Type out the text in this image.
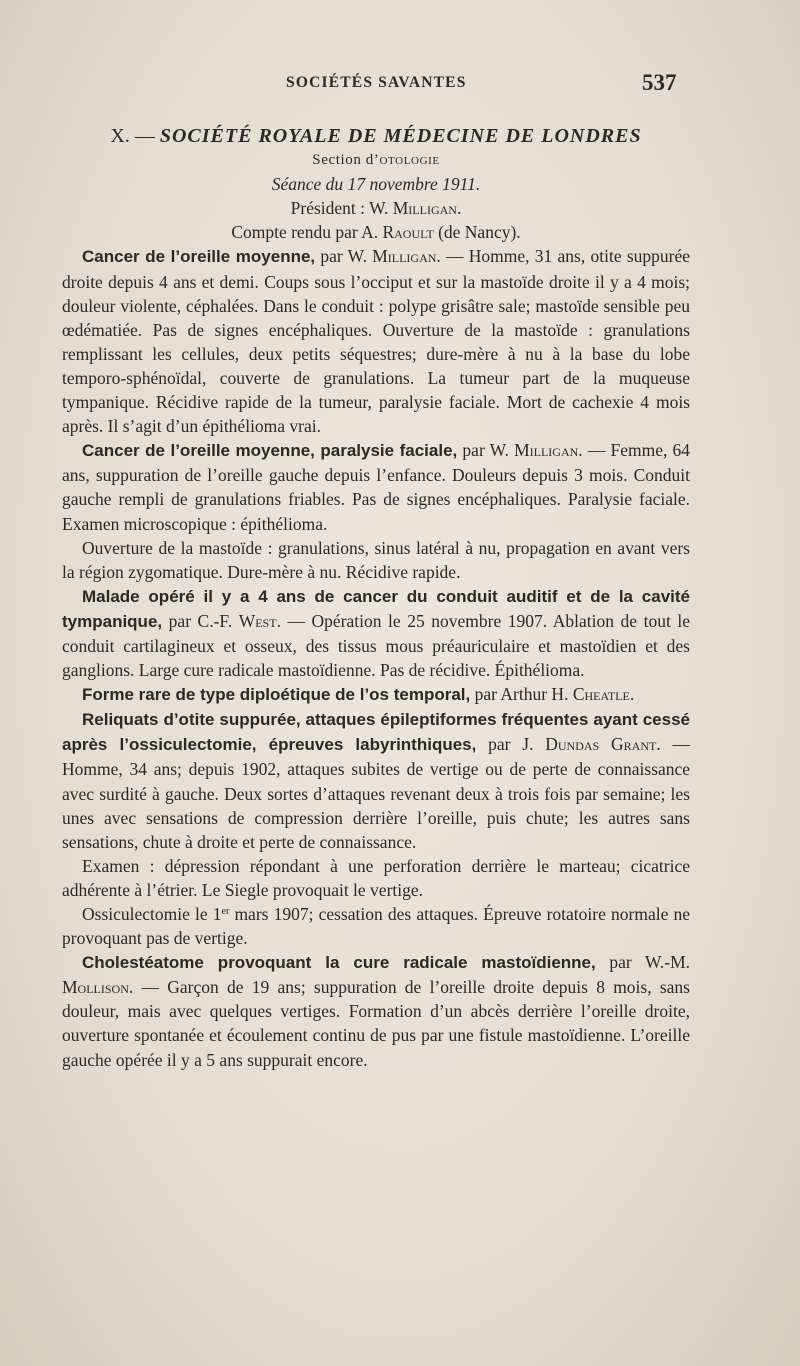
SOCIÉTÉS SAVANTES	537

X. — SOCIÉTÉ ROYALE DE MÉDECINE DE LONDRES

Section d’otologie

Séance du 17 novembre 1911.

Président : W. Milligan.

Compte rendu par A. Raoult (de Nancy).

Cancer de l’oreille moyenne, par W. Milligan. — Homme, 31 ans, otite suppurée droite depuis 4 ans et demi. Coups sous l’occiput et sur la mastoïde droite il y a 4 mois; douleur violente, céphalées. Dans le conduit : polype grisâtre sale; mastoïde sensible peu œdématiée. Pas de signes encéphaliques. Ouverture de la mastoïde : granulations remplissant les cellules, deux petits séquestres; dure-mère à nu à la base du lobe temporo-sphénoïdal, couverte de granulations. La tumeur part de la muqueuse tympanique. Récidive rapide de la tumeur, paralysie faciale. Mort de cachexie 4 mois après. Il s’agit d’un épithélioma vrai.

Cancer de l’oreille moyenne, paralysie faciale, par W. Milligan. — Femme, 64 ans, suppuration de l’oreille gauche depuis l’enfance. Douleurs depuis 3 mois. Conduit gauche rempli de granulations friables. Pas de signes encéphaliques. Paralysie faciale. Examen microscopique : épithélioma.

Ouverture de la mastoïde : granulations, sinus latéral à nu, propagation en avant vers la région zygomatique. Dure-mère à nu. Récidive rapide.

Malade opéré il y a 4 ans de cancer du conduit auditif et de la cavité tympanique, par C.-F. West. — Opération le 25 novembre 1907. Ablation de tout le conduit cartilagineux et osseux, des tissus mous préauriculaire et mastoïdien et des ganglions. Large cure radicale mastoïdienne. Pas de récidive. Épithélioma.

Forme rare de type diploétique de l’os temporal, par Arthur H. Cheatle.

Reliquats d’otite suppurée, attaques épileptiformes fréquentes ayant cessé après l’ossiculectomie, épreuves labyrinthiques, par J. Dundas Grant. — Homme, 34 ans; depuis 1902, attaques subites de vertige ou de perte de connaissance avec surdité à gauche. Deux sortes d’attaques revenant deux à trois fois par semaine; les unes avec sensations de compression derrière l’oreille, puis chute; les autres sans sensations, chute à droite et perte de connaissance.

Examen : dépression répondant à une perforation derrière le marteau; cicatrice adhérente à l’étrier. Le Siegle provoquait le vertige.

Ossiculectomie le 1er mars 1907; cessation des attaques. Épreuve rotatoire normale ne provoquant pas de vertige.

Cholestéatome provoquant la cure radicale mastoïdienne, par W.-M. Mollison. — Garçon de 19 ans; suppuration de l’oreille droite depuis 8 mois, sans douleur, mais avec quelques vertiges. Formation d’un abcès derrière l’oreille droite, ouverture spontanée et écoulement continu de pus par une fistule mastoïdienne. L’oreille gauche opérée il y a 5 ans suppurait encore.
